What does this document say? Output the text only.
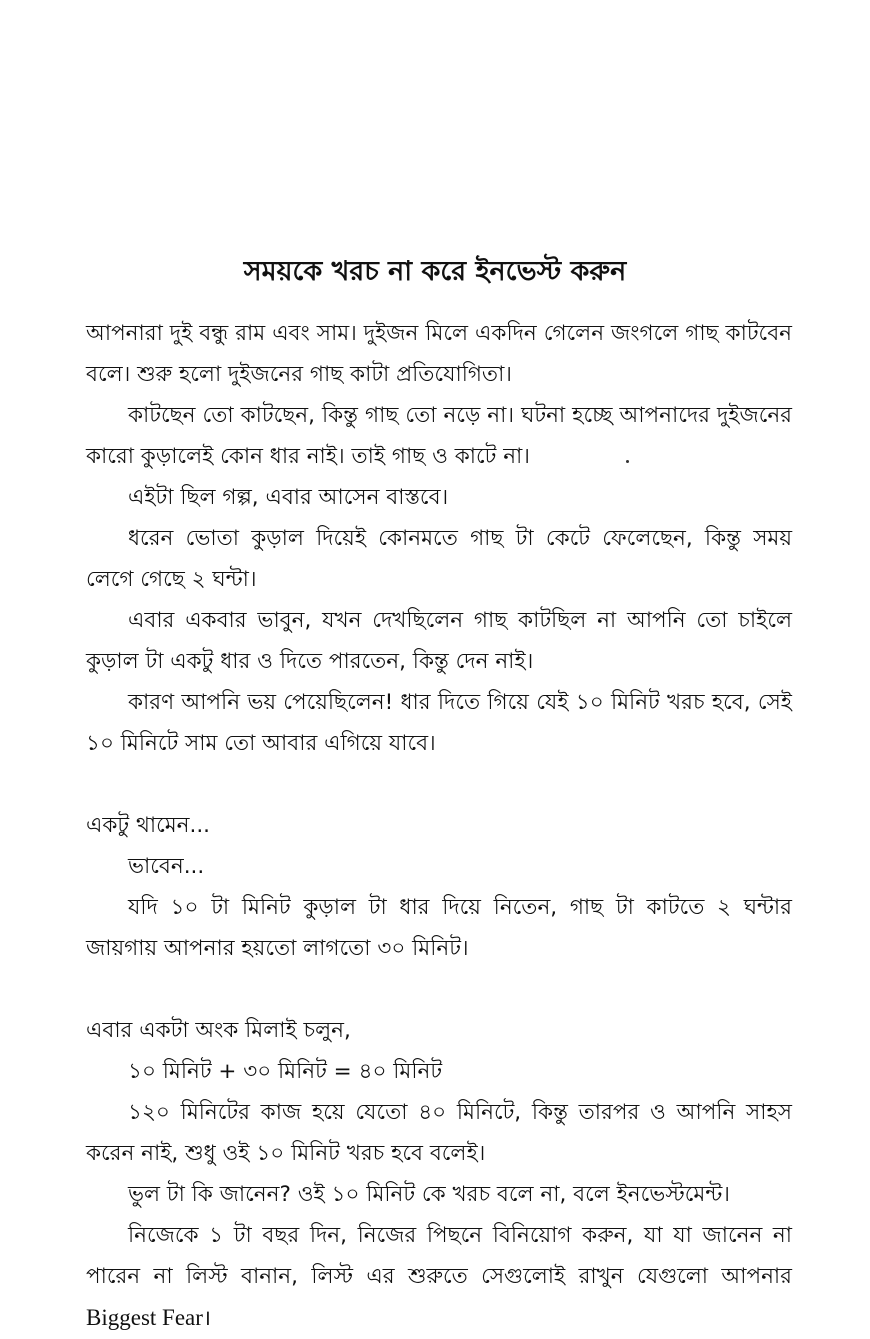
সময়কে খরচ না করে ইনভেস্ট করুন

আপনারা দুই বন্ধু রাম এবং সাম। দুইজন মিলে একদিন গেলেন জংগলে গাছ কাটবেন বলে। শুরু হলো দুইজনের গাছ কাটা প্রতিযোগিতা।

কাটছেন তো কাটছেন, কিন্তু গাছ তো নড়ে না। ঘটনা হচ্ছে আপনাদের দুইজনের কারো কুড়ালেই কোন ধার নাই। তাই গাছ ও কাটে না।

এইটা ছিল গল্প, এবার আসেন বাস্তবে।

ধরেন ভোতা কুড়াল দিয়েই কোনমতে গাছ টা কেটে ফেলেছেন, কিন্তু সময় লেগে গেছে ২ ঘন্টা।

এবার একবার ভাবুন, যখন দেখছিলেন গাছ কাটছিল না আপনি তো চাইলে কুড়াল টা একটু ধার ও দিতে পারতেন, কিন্তু দেন নাই।

কারণ আপনি ভয় পেয়েছিলেন! ধার দিতে গিয়ে যেই ১০ মিনিট খরচ হবে, সেই ১০ মিনিটে সাম তো আবার এগিয়ে যাবে।

একটু থামেন...

ভাবেন...

যদি ১০ টা মিনিট কুড়াল টা ধার দিয়ে নিতেন, গাছ টা কাটতে ২ ঘন্টার জায়গায় আপনার হয়তো লাগতো ৩০ মিনিট।

এবার একটা অংক মিলাই চলুন,

১০ মিনিট + ৩০ মিনিট = ৪০ মিনিট

১২০ মিনিটের কাজ হয়ে যেতো ৪০ মিনিটে, কিন্তু তারপর ও আপনি সাহস করেন নাই, শুধু ওই ১০ মিনিট খরচ হবে বলেই।

ভুল টা কি জানেন? ওই ১০ মিনিট কে খরচ বলে না, বলে ইনভেস্টমেন্ট।

নিজেকে ১ টা বছর দিন, নিজের পিছনে বিনিয়োগ করুন, যা যা জানেন না পারেন না লিস্ট বানান, লিস্ট এর শুরুতে সেগুলোই রাখুন যেগুলো আপনার Biggest Fear।
